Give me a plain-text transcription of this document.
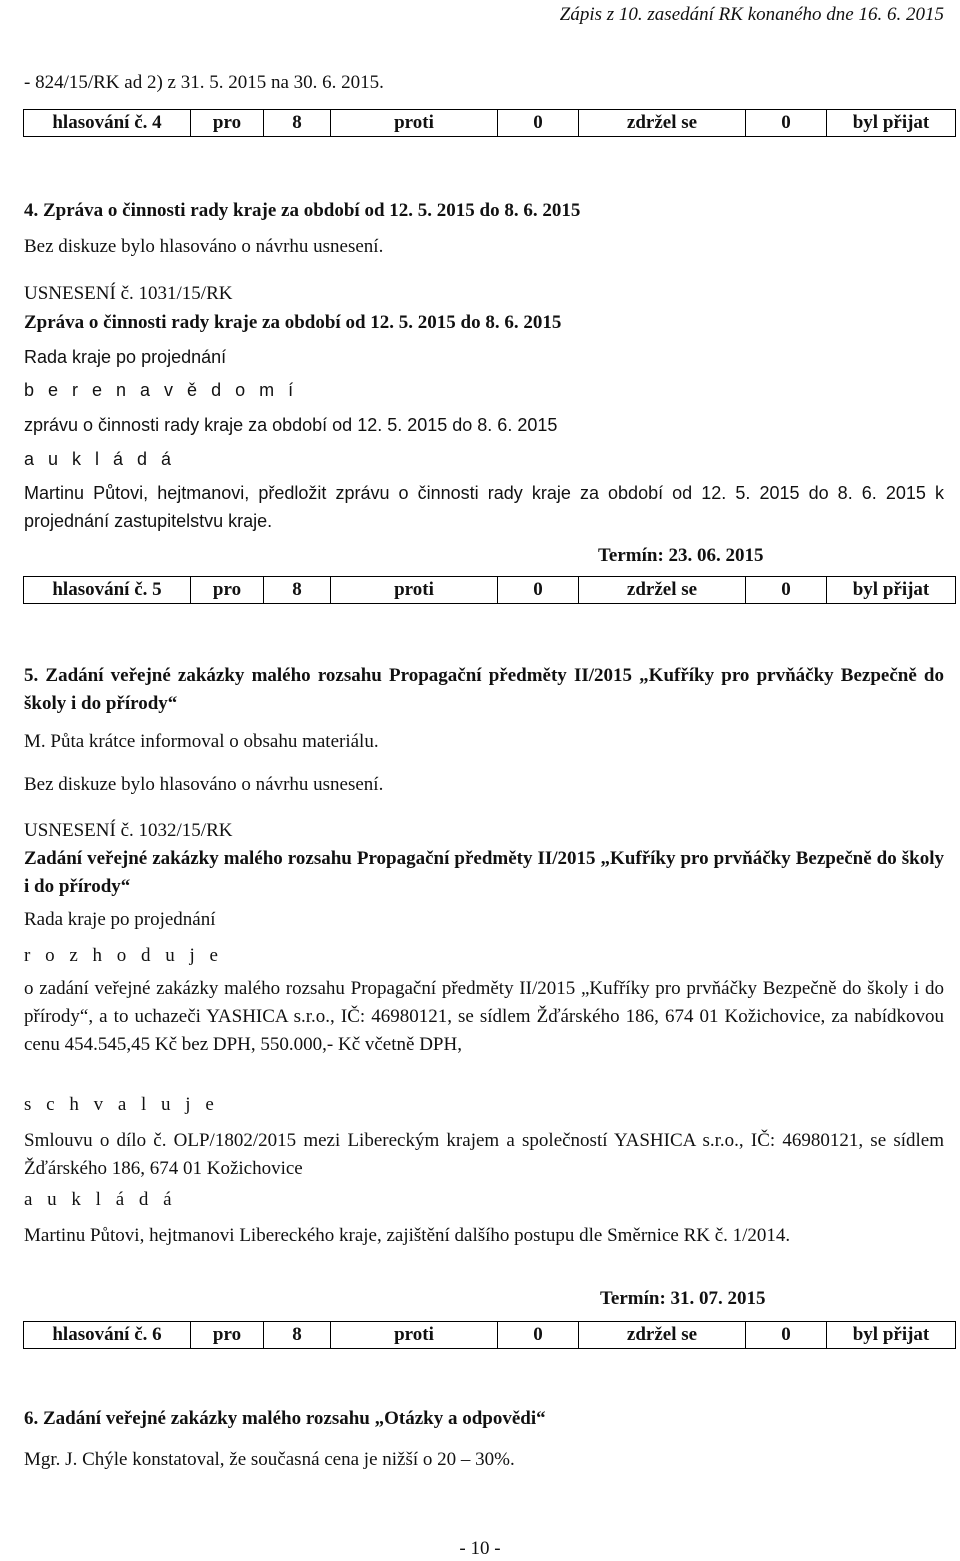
Zápis z 10. zasedání RK konaného dne 16. 6. 2015
- 824/15/RK ad 2) z 31. 5. 2015 na 30. 6. 2015.
hlasování č. 4	pro	8	proti	0	zdržel se	0	byl přijat
4. Zpráva o činnosti rady kraje za období od 12. 5. 2015 do 8. 6. 2015
Bez diskuze bylo hlasováno o návrhu usnesení.
USNESENÍ č. 1031/15/RK
Zpráva o činnosti rady kraje za období od 12. 5. 2015 do 8. 6. 2015
Rada kraje po projednání
b e r e n a v ě d o m í
zprávu o činnosti rady kraje za období od 12. 5. 2015 do 8. 6. 2015
a u k l á d á
Martinu Půtovi, hejtmanovi, předložit zprávu o činnosti rady kraje za období od 12. 5. 2015 do 8. 6. 2015 k projednání zastupitelstvu kraje.
Termín: 23. 06. 2015
hlasování č. 5	pro	8	proti	0	zdržel se	0	byl přijat
5. Zadání veřejné zakázky malého rozsahu Propagační předměty II/2015 „Kufříky pro prvňáčky Bezpečně do školy i do přírody“
M. Půta krátce informoval o obsahu materiálu.
Bez diskuze bylo hlasováno o návrhu usnesení.
USNESENÍ č. 1032/15/RK
Zadání veřejné zakázky malého rozsahu Propagační předměty II/2015 „Kufříky pro prvňáčky Bezpečně do školy i do přírody“
Rada kraje po projednání
r o z h o d u j e
o zadání veřejné zakázky malého rozsahu Propagační předměty II/2015 „Kufříky pro prvňáčky Bezpečně do školy i do přírody“, a to uchazeči YASHICA s.r.o., IČ: 46980121, se sídlem Žďárského 186, 674 01 Kožichovice, za nabídkovou cenu 454.545,45 Kč bez DPH, 550.000,- Kč včetně DPH,
s c h v a l u j e
Smlouvu o dílo č. OLP/1802/2015 mezi Libereckým krajem a společností YASHICA s.r.o., IČ: 46980121, se sídlem Žďárského 186, 674 01 Kožichovice
a u k l á d á
Martinu Půtovi, hejtmanovi Libereckého kraje, zajištění dalšího postupu dle Směrnice RK č. 1/2014.
Termín: 31. 07. 2015
hlasování č. 6	pro	8	proti	0	zdržel se	0	byl přijat
6. Zadání veřejné zakázky malého rozsahu „Otázky a odpovědi“
Mgr. J. Chýle konstatoval, že současná cena je nižší o 20 – 30%.
- 10 -
